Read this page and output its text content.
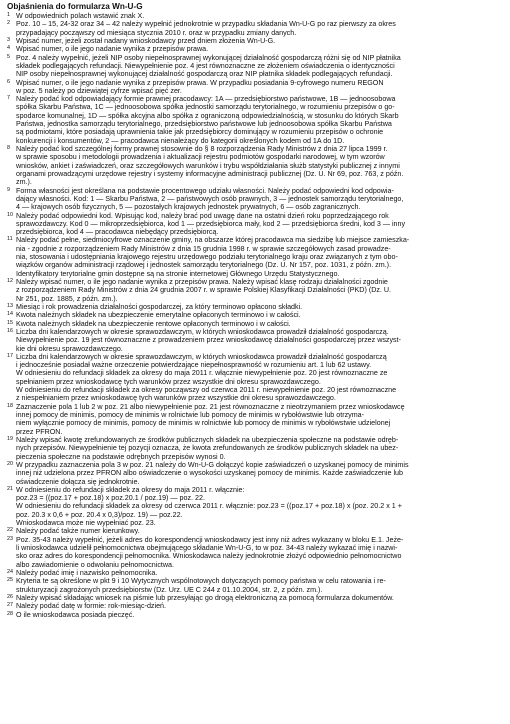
Objaśnienia do formularza Wn-U-G
1 W odpowiednich polach wstawić znak X.
2 Poz. 10 – 15, 24-32 oraz 34 – 42 należy wypełnić jednokrotnie w przypadku składania Wn-U-G po raz pierwszy za okres
przypadający począwszy od miesiąca stycznia 2010 r. oraz w przypadku zmiany danych.
3 Wpisać numer, jeżeli został nadany wnioskodawcy przed dniem złożenia Wn-U-G.
4 Wpisać numer, o ile jego nadanie wynika z przepisów prawa.
5 Poz. 4 należy wypełnić, jeżeli NIP osoby niepełnosprawnej wykonującej działalność gospodarczą różni się od NIP płatnika
składek podlegających refundacji. Niewypełnienie poz. 4 jest równoznaczne ze złożeniem oświadczenia o identyczności
NIP osoby niepełnosprawnej wykonującej działalność gospodarczą oraz NIP płatnika składek podlegających refundacji.
6 Wpisać numer, o ile jego nadanie wynika z przepisów prawa. W przypadku posiadania 9-cyfrowego numeru REGON
w poz. 5 należy po dziewiątej cyfrze wpisać pięć zer.
7 Należy podać kod odpowiadający formie prawnej pracodawcy: 1A — przedsiębiorstwo państwowe, 1B — jednoosobowa
spółka Skarbu Państwa, 1C — jednoosobowa spółka jednostki samorządu terytorialnego, w rozumieniu przepisów o go-
spodarce komunalnej, 1D — spółka akcyjna albo spółka z ograniczoną odpowiedzialnością, w stosunku do których Skarb
Państwa, jednostka samorządu terytorialnego, przedsiębiorstwo państwowe lub jednoosobowa spółka Skarbu Państwa
są podmiotami, które posiadają uprawnienia takie jak przedsiębiorcy dominujący w rozumieniu przepisów o ochronie
konkurencji i konsumentów, 2 — pracodawca nienależący do kategorii określonych kodem od 1A do 1D.
8 Należy podać kod szczególnej formy prawnej stosownie do § 8 rozporządzenia Rady Ministrów z dnia 27 lipca 1999 r.
w sprawie sposobu i metodologii prowadzenia i aktualizacji rejestru podmiotów gospodarki narodowej, w tym wzorów
wniosków, ankiet i zaświadczeń, oraz szczegółowych warunków i trybu współdziałania służb statystyki publicznej z innymi
organami prowadzącymi urzędowe rejestry i systemy informacyjne administracji publicznej (Dz. U. Nr 69, poz. 763, z późn.
zm.).
9 Forma własności jest określana na podstawie procentowego udziału własności. Należy podać odpowiedni kod odpowia-
dający własności. Kod: 1 — Skarbu Państwa, 2 — państwowych osób prawnych, 3 — jednostek samorządu terytorialnego,
4 — krajowych osób fizycznych, 5 — pozostałych krajowych jednostek prywatnych, 6 — osób zagranicznych.
10 Należy podać odpowiedni kod. Wpisując kod, należy brać pod uwagę dane na ostatni dzień roku poprzedzającego rok
sprawozdawczy. Kod 0 — mikroprzedsiębiorca, kod 1 — przedsiębiorca mały, kod 2 — przedsiębiorca średni, kod 3 — inny
przedsiębiorca, kod 4 — pracodawca niebędący przedsiębiorcą.
11 Należy podać pełne, siedmiocyfrowe oznaczenie gminy, na obszarze której pracodawca ma siedzibę lub miejsce zamieszka-
nia - zgodnie z rozporządzeniem Rady Ministrów z dnia 15 grudnia 1998 r. w sprawie szczegółowych zasad prowadze-
nia, stosowania i udostępniania krajowego rejestru urzędowego podziału terytorialnego kraju oraz związanych z tym obo-
wiązków organów administracji rządowej i jednostek samorządu terytorialnego (Dz. U. Nr 157, poz. 1031, z późn. zm.).
Identyfikatory terytorialne gmin dostępne są na stronie internetowej Głównego Urzędu Statystycznego.
12 Należy wpisać numer, o ile jego nadanie wynika z przepisów prawa. Należy wpisać klasę rodzaju działalności zgodnie
z rozporządzeniem Rady Ministrów z dnia 24 grudnia 2007 r. w sprawie Polskiej Klasyfikacji Działalności (PKD) (Dz. U.
Nr 251, poz. 1885, z późn. zm.).
13 Miesiąc i rok prowadzenia działalności gospodarczej, za który terminowo opłacono składki.
14 Kwota należnych składek na ubezpieczenie emerytalne opłaconych terminowo i w całości.
15 Kwota należnych składek na ubezpieczenie rentowe opłaconych terminowo i w całości.
16 Liczba dni kalendarzowych w okresie sprawozdawczym, w których wnioskodawca prowadził działalność gospodarczą.
Niewypełnienie poz. 19 jest równoznaczne z prowadzeniem przez wnioskodawcę działalności gospodarczej przez wszyst-
kie dni okresu sprawozdawczego.
17 Liczba dni kalendarzowych w okresie sprawozdawczym, w których wnioskodawca prowadził działalność gospodarczą
i jednocześnie posiadał ważne orzeczenie potwierdzające niepełnosprawność w rozumieniu art. 1 lub 62 ustawy.
W odniesieniu do refundacji składek za okresy do maja 2011 r. włącznie niewypełnienie poz. 20 jest równoznaczne ze
spełnianiem przez wnioskodawcę tych warunków przez wszystkie dni okresu sprawozdawczego.
W odniesieniu do refundacji składek za okresy począwszy od czerwca 2011 r. niewypełnienie poz. 20 jest równoznaczne
z niespełnianiem przez wnioskodawcę tych warunków przez wszystkie dni okresu sprawozdawczego.
18 Zaznaczenie pola 1 lub 2 w poz. 21 albo niewypełnienie poz. 21 jest równoznaczne z nieotrzymaniem przez wnioskodawcę
innej pomocy de minimis, pomocy de minimis w rolnictwie lub pomocy de minimis w rybołówstwie lub otrzyma-
niem wyłącznie pomocy de minimis, pomocy de minimis w rolnictwie lub pomocy de minimis w rybołówstwie udzielonej
przez PFRON.
19 Należy wpisać kwotę zrefundowanych ze środków publicznych składek na ubezpieczenia społeczne na podstawie odręb-
nych przepisów. Niewypełnienie tej pozycji oznacza, że kwota zrefundowanych ze środków publicznych składek na ubez-
pieczenia społeczne na podstawie odrębnych przepisów wynosi 0.
20 W przypadku zaznaczenia pola 3 w poz. 21 należy do Wn-U-G dołączyć kopie zaświadczeń o uzyskanej pomocy de minimis
innej niż udzielona przez PFRON albo oświadczenie o wysokości uzyskanej pomocy de minimis. Każde zaświadczenie lub
oświadczenie dołącza się jednokrotnie.
21 W odniesieniu do refundacji składek za okresy do maja 2011 r. włącznie:
poz.23 = ((poz.17 + poz.18) x poz.20.1 / poz.19) — poz. 22.
W odniesieniu do refundacji składek za okresy od czerwca 2011 r. włącznie: poz.23 = ((poz.17 + poz.18) x (poz. 20.2 x 1 +
poz. 20.3 x 0,6 + poz. 20.4 x 0,3)/poz. 19) — poz.22.
Wnioskodawca może nie wypełniać poz. 23.
22 Należy podać także numer kierunkowy.
23 Poz. 35-43 należy wypełnić, jeżeli adres do korespondencji wnioskodawcy jest inny niż adres wykazany w bloku E.1. Jeże-
li wnioskodawca udzielił pełnomocnictwa obejmującego składanie Wn-U-G, to w poz. 34-43 należy wykazać imię i nazwi-
sko oraz adres do korespondencji pełnomocnika. Wnioskodawca należy jednokrotnie złożyć odpowiednio pełnomocnictwo
albo zawiadomienie o odwołaniu pełnomocnictwa.
24 Należy podać imię i nazwisko pełnomocnika.
25 Kryteria te są określone w pkt 9 i 10 Wytycznych wspólnotowych dotyczących pomocy państwa w celu ratowania i re-
strukturyzacji zagrożonych przedsiębiorstw (Dz. Urz. UE C 244 z 01.10.2004, str. 2, z późn. zm.).
26 Należy wpisać składając wniosek na piśmie lub przesyłając go drogą elektroniczną za pomocą formularza dokumentów.
27 Należy podać datę w formie: rok-miesiąc-dzień.
28 O ile wnioskodawca posiada pieczęć.
